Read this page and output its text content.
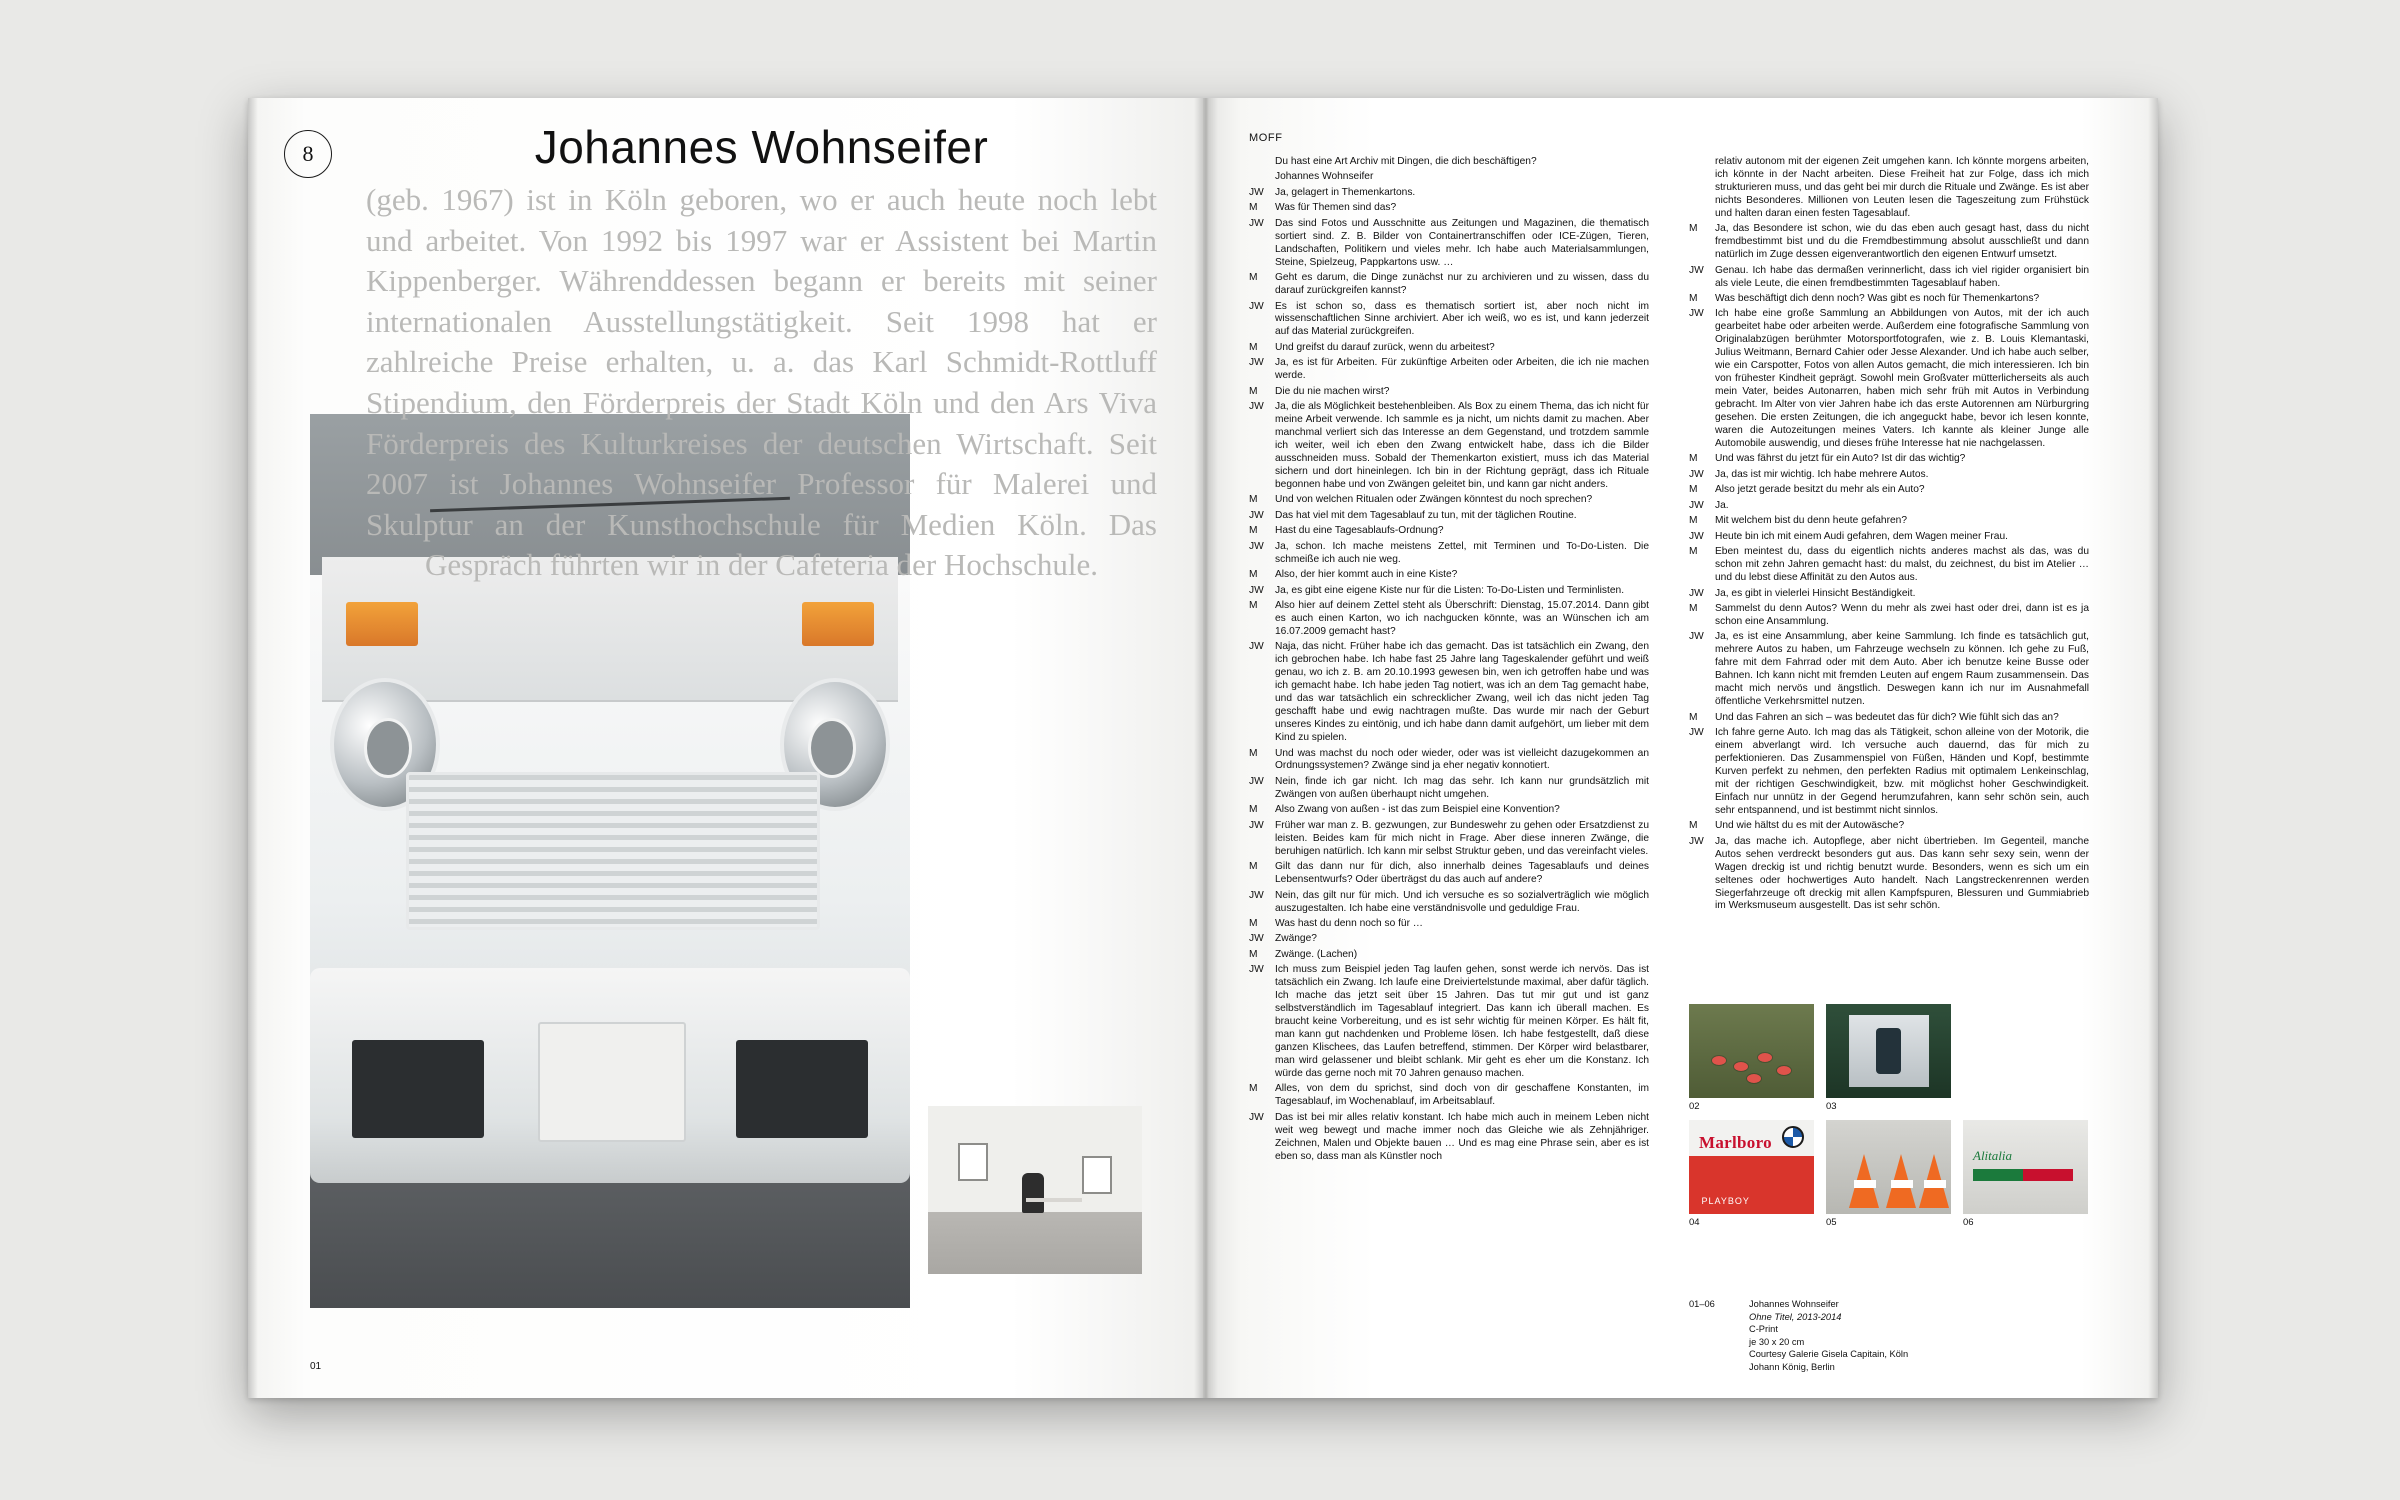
8	Johannes Wohnseifer

(geb. 1967) ist in Köln geboren, wo er auch heute noch lebt und arbeitet. Von 1992 bis 1997 war er Assistent bei Martin Kippenberger. Währenddessen begann er bereits mit seiner internationalen Ausstellungstätigkeit. Seit 1998 hat er zahlreiche Preise erhalten, u. a. das Karl Schmidt-Rottluff Stipendium, den Förderpreis der Stadt Köln und den Ars Viva Förderpreis des Kulturkreises der deutschen Wirtschaft. Seit 2007 ist Johannes Wohnseifer Professor für Malerei und Skulptur an der Kunsthochschule für Medien Köln. Das Gespräch führten wir in der Cafeteria der Hochschule.

01
MOFF
Du hast eine Art Archiv mit Dingen, die dich beschäftigen?
Johannes Wohnseifer
JW	Ja, gelagert in Themenkartons.
M	Was für Themen sind das?
JW	Das sind Fotos und Ausschnitte aus Zeitungen und Magazinen, die thematisch sortiert sind. Z. B. Bilder von Containertranschiffen oder ICE-Zügen, Tieren, Landschaften, Politikern und vieles mehr. Ich habe auch Materialsammlungen, Steine, Spielzeug, Pappkartons usw. …
M	Geht es darum, die Dinge zunächst nur zu archivieren und zu wissen, dass du darauf zurückgreifen kannst?
JW	Es ist schon so, dass es thematisch sortiert ist, aber noch nicht im wissenschaftlichen Sinne archiviert. Aber ich weiß, wo es ist, und kann jederzeit auf das Material zurückgreifen.
M	Und greifst du darauf zurück, wenn du arbeitest?
JW	Ja, es ist für Arbeiten. Für zukünftige Arbeiten oder Arbeiten, die ich nie machen werde.
M	Die du nie machen wirst?
JW	Ja, die als Möglichkeit bestehenbleiben. Als Box zu einem Thema, das ich nicht für meine Arbeit verwende. Ich sammle es ja nicht, um nichts damit zu machen. Aber manchmal verliert sich das Interesse an dem Gegenstand, und trotzdem sammle ich weiter, weil ich eben den Zwang entwickelt habe, dass ich die Bilder ausschneiden muss. Sobald der Themenkarton existiert, muss ich das Material sichern und dort hineinlegen. Ich bin in der Richtung geprägt, dass ich Rituale begonnen habe und von Zwängen geleitet bin, und kann gar nicht anders.
M	Und von welchen Ritualen oder Zwängen könntest du noch sprechen?
JW	Das hat viel mit dem Tagesablauf zu tun, mit der täglichen Routine.
M	Hast du eine Tagesablaufs-Ordnung?
JW	Ja, schon. Ich mache meistens Zettel, mit Terminen und To-Do-Listen. Die schmeiße ich auch nie weg.
M	Also, der hier kommt auch in eine Kiste?
JW	Ja, es gibt eine eigene Kiste nur für die Listen: To-Do-Listen und Terminlisten.
M	Also hier auf deinem Zettel steht als Überschrift: Dienstag, 15.07.2014. Dann gibt es auch einen Karton, wo ich nachgucken könnte, was an Wünschen ich am 16.07.2009 gemacht hast?
JW	Naja, das nicht. Früher habe ich das gemacht. Das ist tatsächlich ein Zwang, den ich gebrochen habe. Ich habe fast 25 Jahre lang Tageskalender geführt und weiß genau, wo ich z. B. am 20.10.1993 gewesen bin, wen ich getroffen habe und was ich gemacht habe. Ich habe jeden Tag notiert, was ich an dem Tag gemacht habe, und das war tatsächlich ein schrecklicher Zwang, weil ich das nicht jeden Tag geschafft habe und ewig nachtragen mußte. Das wurde mir nach der Geburt unseres Kindes zu eintönig, und ich habe dann damit aufgehört, um lieber mit dem Kind zu spielen.
M	Und was machst du noch oder wieder, oder was ist vielleicht dazugekommen an Ordnungssystemen? Zwänge sind ja eher negativ konnotiert.
JW	Nein, finde ich gar nicht. Ich mag das sehr. Ich kann nur grundsätzlich mit Zwängen von außen überhaupt nicht umgehen.
M	Also Zwang von außen - ist das zum Beispiel eine Konvention?
JW	Früher war man z. B. gezwungen, zur Bundeswehr zu gehen oder Ersatzdienst zu leisten. Beides kam für mich nicht in Frage. Aber diese inneren Zwänge, die beruhigen natürlich. Ich kann mir selbst Struktur geben, und das vereinfacht vieles.
M	Gilt das dann nur für dich, also innerhalb deines Tagesablaufs und deines Lebensentwurfs? Oder überträgst du das auch auf andere?
JW	Nein, das gilt nur für mich. Und ich versuche es so sozialverträglich wie möglich auszugestalten. Ich habe eine verständnisvolle und geduldige Frau.
M	Was hast du denn noch so für …
JW	Zwänge?
M	Zwänge. (Lachen)
JW	Ich muss zum Beispiel jeden Tag laufen gehen, sonst werde ich nervös. Das ist tatsächlich ein Zwang. Ich laufe eine Dreiviertelstunde maximal, aber dafür täglich. Ich mache das jetzt seit über 15 Jahren. Das tut mir gut und ist ganz selbstverständlich im Tagesablauf integriert. Das kann ich überall machen. Es braucht keine Vorbereitung, und es ist sehr wichtig für meinen Körper. Es hält fit, man kann gut nachdenken und Probleme lösen. Ich habe festgestellt, daß diese ganzen Klischees, das Laufen betreffend, stimmen. Der Körper wird belastbarer, man wird gelassener und bleibt schlank. Mir geht es eher um die Konstanz. Ich würde das gerne noch mit 70 Jahren genauso machen.
M	Alles, von dem du sprichst, sind doch von dir geschaffene Konstanten, im Tagesablauf, im Wochenablauf, im Arbeitsablauf.
JW	Das ist bei mir alles relativ konstant. Ich habe mich auch in meinem Leben nicht weit weg bewegt und mache immer noch das Gleiche wie als Zehnjähriger. Zeichnen, Malen und Objekte bauen … Und es mag eine Phrase sein, aber es ist eben so, dass man als Künstler noch
relativ autonom mit der eigenen Zeit umgehen kann. Ich könnte morgens arbeiten, ich könnte in der Nacht arbeiten. Diese Freiheit hat zur Folge, dass ich mich strukturieren muss, und das geht bei mir durch die Rituale und Zwänge. Es ist aber nichts Besonderes. Millionen von Leuten lesen die Tageszeitung zum Frühstück und halten daran einen festen Tagesablauf.
M	Ja, das Besondere ist schon, wie du das eben auch gesagt hast, dass du nicht fremdbestimmt bist und du die Fremdbestimmung absolut ausschließt und dann natürlich im Zuge dessen eigenverantwortlich den eigenen Entwurf umsetzt.
JW	Genau. Ich habe das dermaßen verinnerlicht, dass ich viel rigider organisiert bin als viele Leute, die einen fremdbestimmten Tagesablauf haben.
M	Was beschäftigt dich denn noch? Was gibt es noch für Themenkartons?
JW	Ich habe eine große Sammlung an Abbildungen von Autos, mit der ich auch gearbeitet habe oder arbeiten werde. Außerdem eine fotografische Sammlung von Originalabzügen berühmter Motorsportfotografen, wie z. B. Louis Klemantaski, Julius Weitmann, Bernard Cahier oder Jesse Alexander. Und ich habe auch selber, wie ein Carspotter, Fotos von allen Autos gemacht, die mich interessieren. Ich bin von frühester Kindheit geprägt. Sowohl mein Großvater mütterlicherseits als auch mein Vater, beides Autonarren, haben mich sehr früh mit Autos in Verbindung gebracht. Im Alter von vier Jahren habe ich das erste Autorennen am Nürburgring gesehen. Die ersten Zeitungen, die ich angeguckt habe, bevor ich lesen konnte, waren die Autozeitungen meines Vaters. Ich kannte als kleiner Junge alle Automobile auswendig, und dieses frühe Interesse hat nie nachgelassen.
M	Und was fährst du jetzt für ein Auto? Ist dir das wichtig?
JW	Ja, das ist mir wichtig. Ich habe mehrere Autos.
M	Also jetzt gerade besitzt du mehr als ein Auto?
JW	Ja.
M	Mit welchem bist du denn heute gefahren?
JW	Heute bin ich mit einem Audi gefahren, dem Wagen meiner Frau.
M	Eben meintest du, dass du eigentlich nichts anderes machst als das, was du schon mit zehn Jahren gemacht hast: du malst, du zeichnest, du bist im Atelier … und du lebst diese Affinität zu den Autos aus.
JW	Ja, es gibt in vielerlei Hinsicht Beständigkeit.
M	Sammelst du denn Autos? Wenn du mehr als zwei hast oder drei, dann ist es ja schon eine Ansammlung.
JW	Ja, es ist eine Ansammlung, aber keine Sammlung. Ich finde es tatsächlich gut, mehrere Autos zu haben, um Fahrzeuge wechseln zu können. Ich gehe zu Fuß, fahre mit dem Fahrrad oder mit dem Auto. Aber ich benutze keine Busse oder Bahnen. Ich kann nicht mit fremden Leuten auf engem Raum zusammensein. Das macht mich nervös und ängstlich. Deswegen kann ich nur im Ausnahmefall öffentliche Verkehrsmittel nutzen.
M	Und das Fahren an sich – was bedeutet das für dich? Wie fühlt sich das an?
JW	Ich fahre gerne Auto. Ich mag das als Tätigkeit, schon alleine von der Motorik, die einem abverlangt wird. Ich versuche auch dauernd, das für mich zu perfektionieren. Das Zusammenspiel von Füßen, Händen und Kopf, bestimmte Kurven perfekt zu nehmen, den perfekten Radius mit optimalem Lenkeinschlag, mit der richtigen Geschwindigkeit, bzw. mit möglichst hoher Geschwindigkeit. Einfach nur unnütz in der Gegend herumzufahren, kann sehr schön sein, auch sehr entspannend, und ist bestimmt nicht sinnlos.
M	Und wie hältst du es mit der Autowäsche?
JW	Ja, das mache ich. Autopflege, aber nicht übertrieben. Im Gegenteil, manche Autos sehen verdreckt besonders gut aus. Das kann sehr sexy sein, wenn der Wagen dreckig ist und richtig benutzt wurde. Besonders, wenn es sich um ein seltenes oder hochwertiges Auto handelt. Nach Langstreckenrennen werden Siegerfahrzeuge oft dreckig mit allen Kampfspuren, Blessuren und Gummiabrieb im Werksmuseum ausgestellt. Das ist sehr schön.
02	03
Marlboro
PLAYBOY
04	05
Alitalia
06
01–06	Johannes Wohnseifer
Ohne Titel, 2013-2014
C-Print
je 30 x 20 cm
Courtesy Galerie Gisela Capitain, Köln
Johann König, Berlin
